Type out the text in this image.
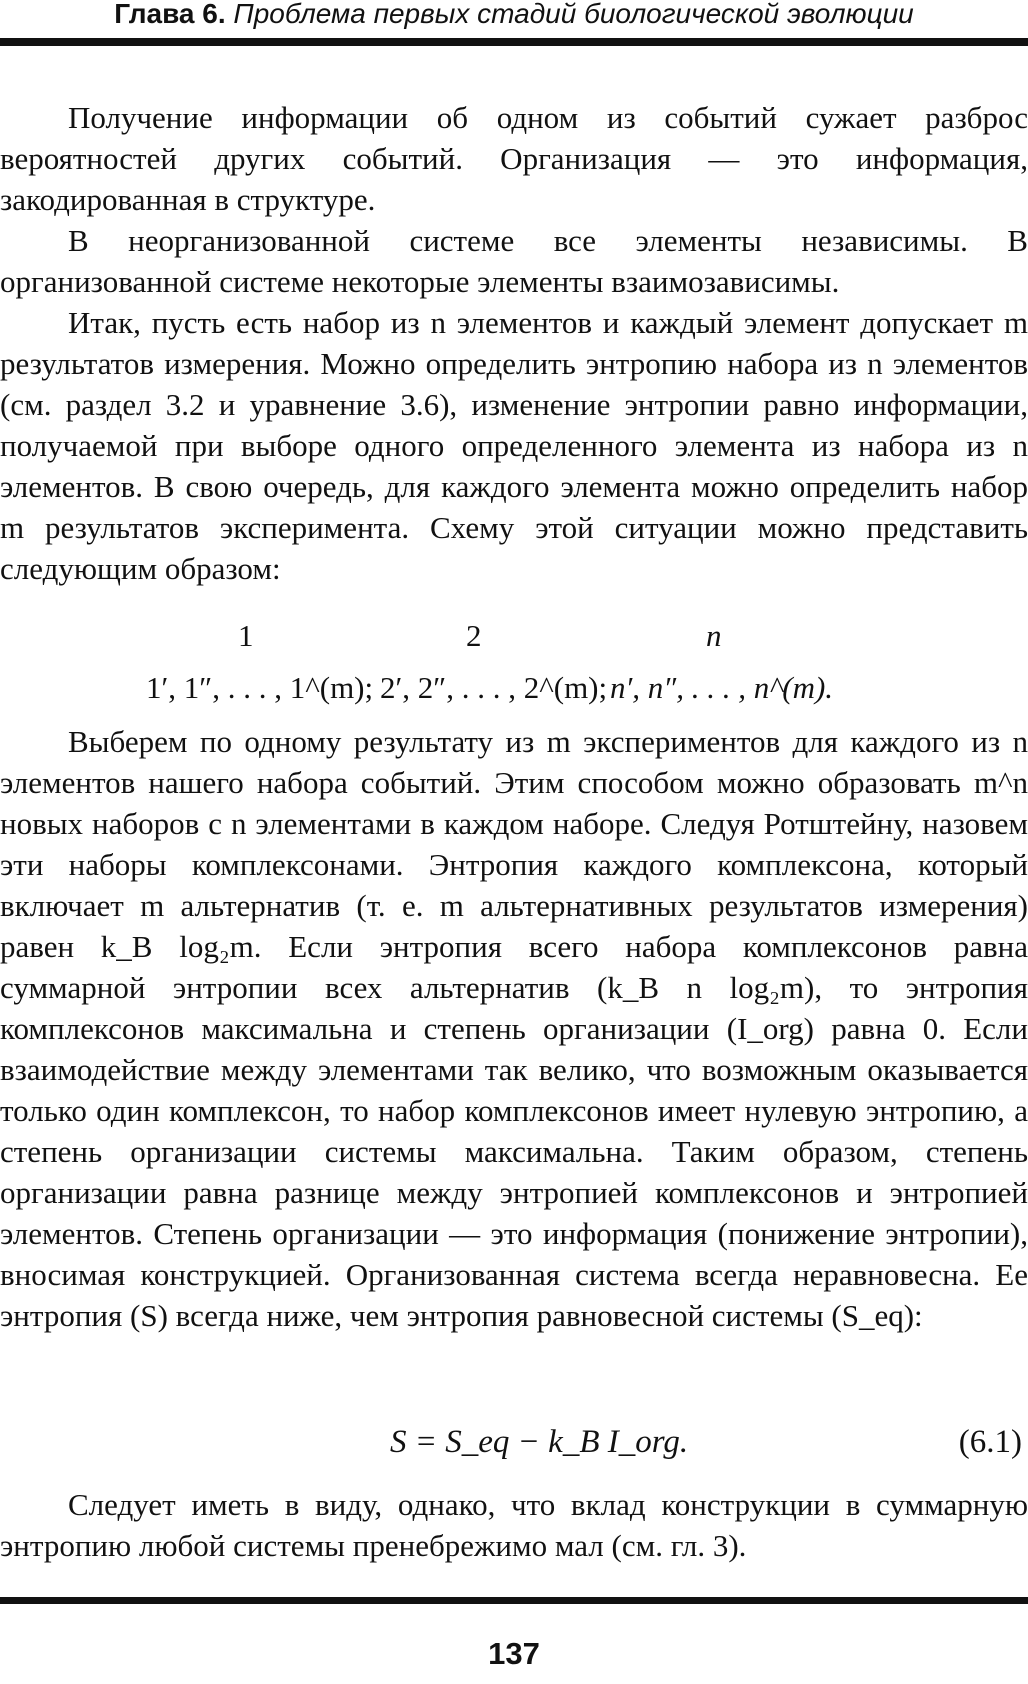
Глава 6. Проблема первых стадий биологической эволюции

Получение информации об одном из событий сужает разброс вероятностей других событий. Организация — это информация, закодированная в структуре.

В неорганизованной системе все элементы независимы. В организованной системе некоторые элементы взаимозависимы.

Итак, пусть есть набор из n элементов и каждый элемент допускает m результатов измерения. Можно определить энтропию набора из n элементов (см. раздел 3.2 и уравнение 3.6), изменение энтропии равно информации, получаемой при выборе одного определенного элемента из набора из n элементов. В свою очередь, для каждого элемента можно определить набор m результатов эксперимента. Схему этой ситуации можно представить следующим образом:

1	2	n
1′, 1″, . . . , 1^(m); 2′, 2″, . . . , 2^(m); n′, n″, . . . , n^(m).

Выберем по одному результату из m экспериментов для каждого из n элементов нашего набора событий. Этим способом можно образовать m^n новых наборов с n элементами в каждом наборе. Следуя Ротштейну, назовем эти наборы комплексонами. Энтропия каждого комплексона, который включает m альтернатив (т. е. m альтернативных результатов измерения) равен k_B log₂m. Если энтропия всего набора комплексонов равна суммарной энтропии всех альтернатив (k_B n log₂m), то энтропия комплексонов максимальна и степень организации (I_org) равна 0. Если взаимодействие между элементами так велико, что возможным оказывается только один комплексон, то набор комплексонов имеет нулевую энтропию, а степень организации системы максимальна. Таким образом, степень организации равна разнице между энтропией комплексонов и энтропией элементов. Степень организации — это информация (понижение энтропии), вносимая конструкцией. Организованная система всегда неравновесна. Ее энтропия (S) всегда ниже, чем энтропия равновесной системы (S_eq):

S = S_eq − k_B I_org.	(6.1)

Следует иметь в виду, однако, что вклад конструкции в суммарную энтропию любой системы пренебрежимо мал (см. гл. 3).

137
